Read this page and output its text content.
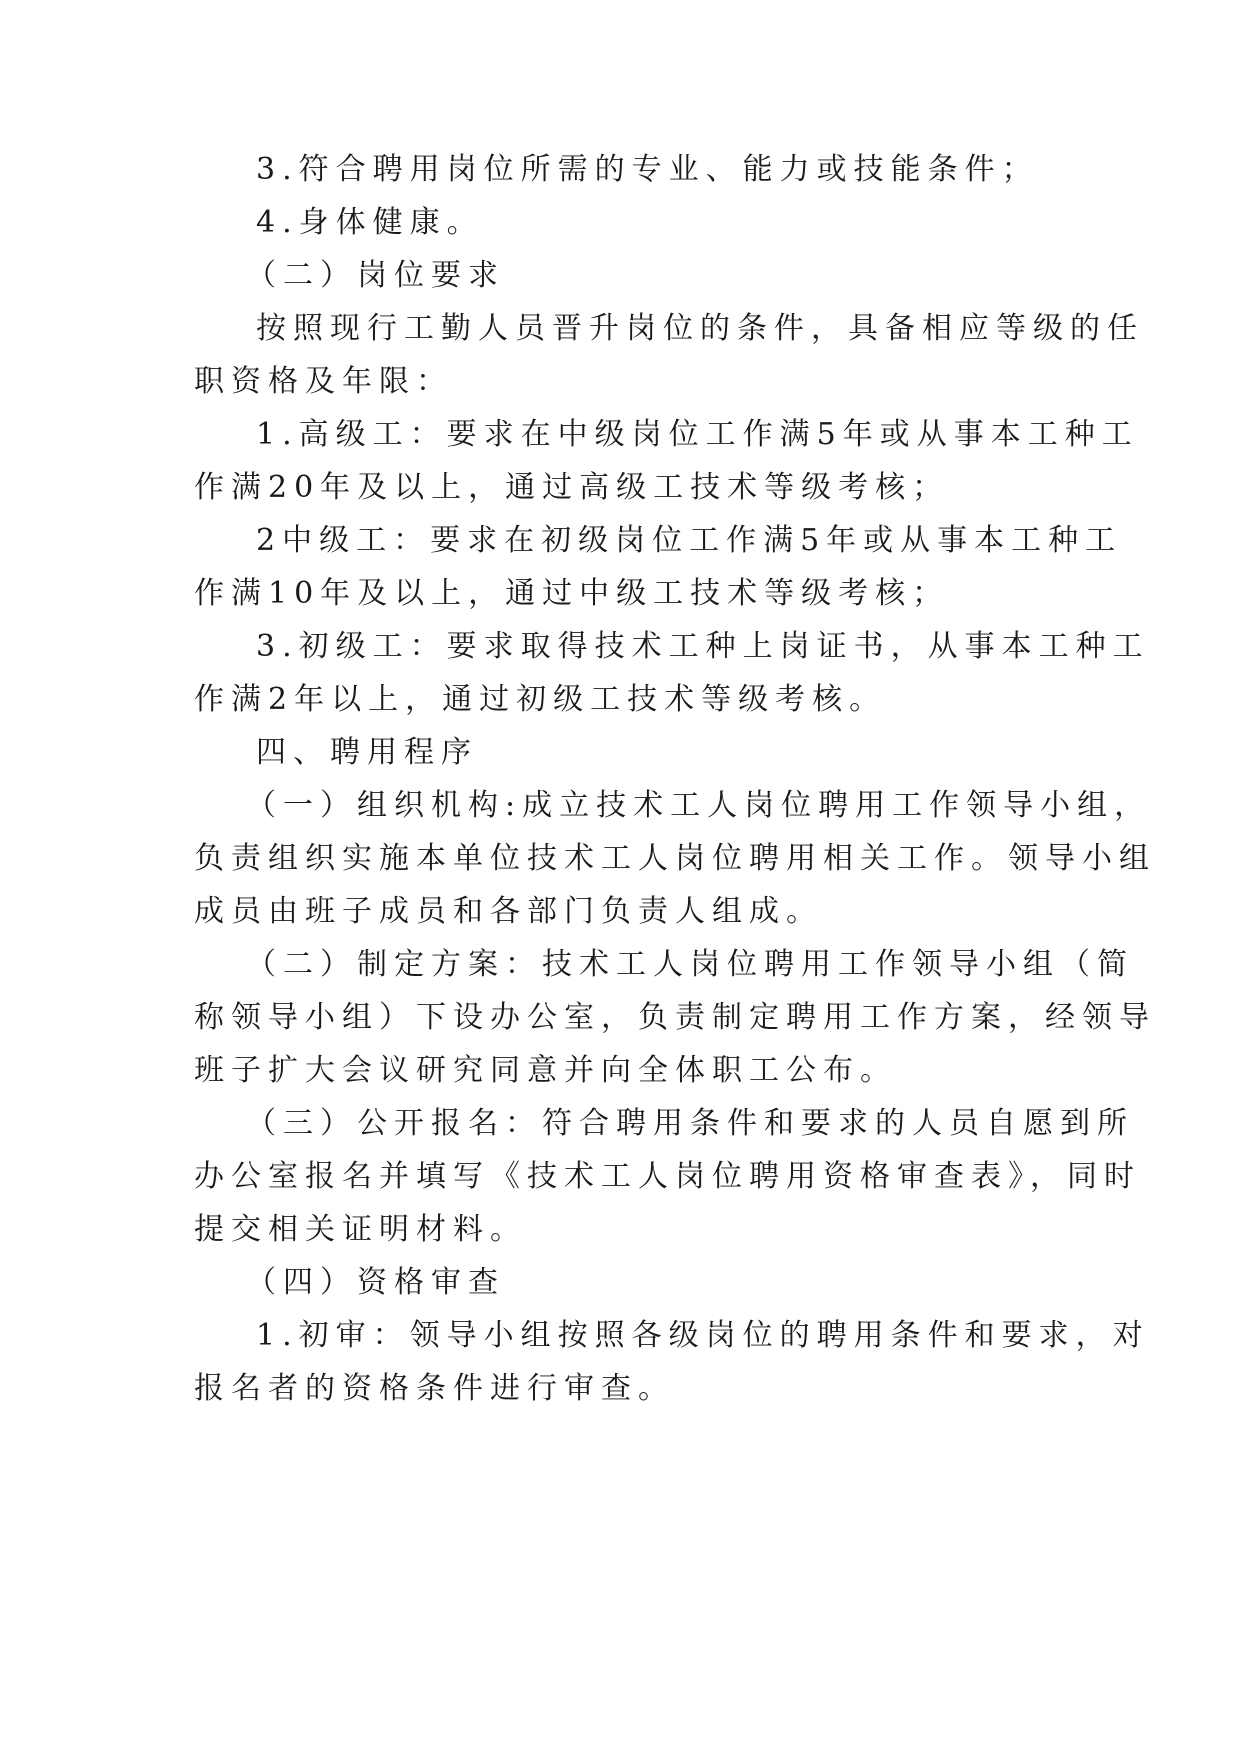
3.符合聘用岗位所需的专业、能力或技能条件；
4.身体健康。
（二）岗位要求
按照现行工勤人员晋升岗位的条件，具备相应等级的任
职资格及年限：
1.高级工：要求在中级岗位工作满5年或从事本工种工
作满20年及以上，通过高级工技术等级考核；
2中级工：要求在初级岗位工作满5年或从事本工种工
作满10年及以上，通过中级工技术等级考核；
3.初级工：要求取得技术工种上岗证书，从事本工种工
作满2年以上，通过初级工技术等级考核。
四、聘用程序
（一）组织机构:成立技术工人岗位聘用工作领导小组，
负责组织实施本单位技术工人岗位聘用相关工作。领导小组
成员由班子成员和各部门负责人组成。
（二）制定方案：技术工人岗位聘用工作领导小组（简
称领导小组）下设办公室，负责制定聘用工作方案，经领导
班子扩大会议研究同意并向全体职工公布。
（三）公开报名：符合聘用条件和要求的人员自愿到所
办公室报名并填写《技术工人岗位聘用资格审查表》，同时
提交相关证明材料。
（四）资格审查
1.初审：领导小组按照各级岗位的聘用条件和要求，对
报名者的资格条件进行审查。
